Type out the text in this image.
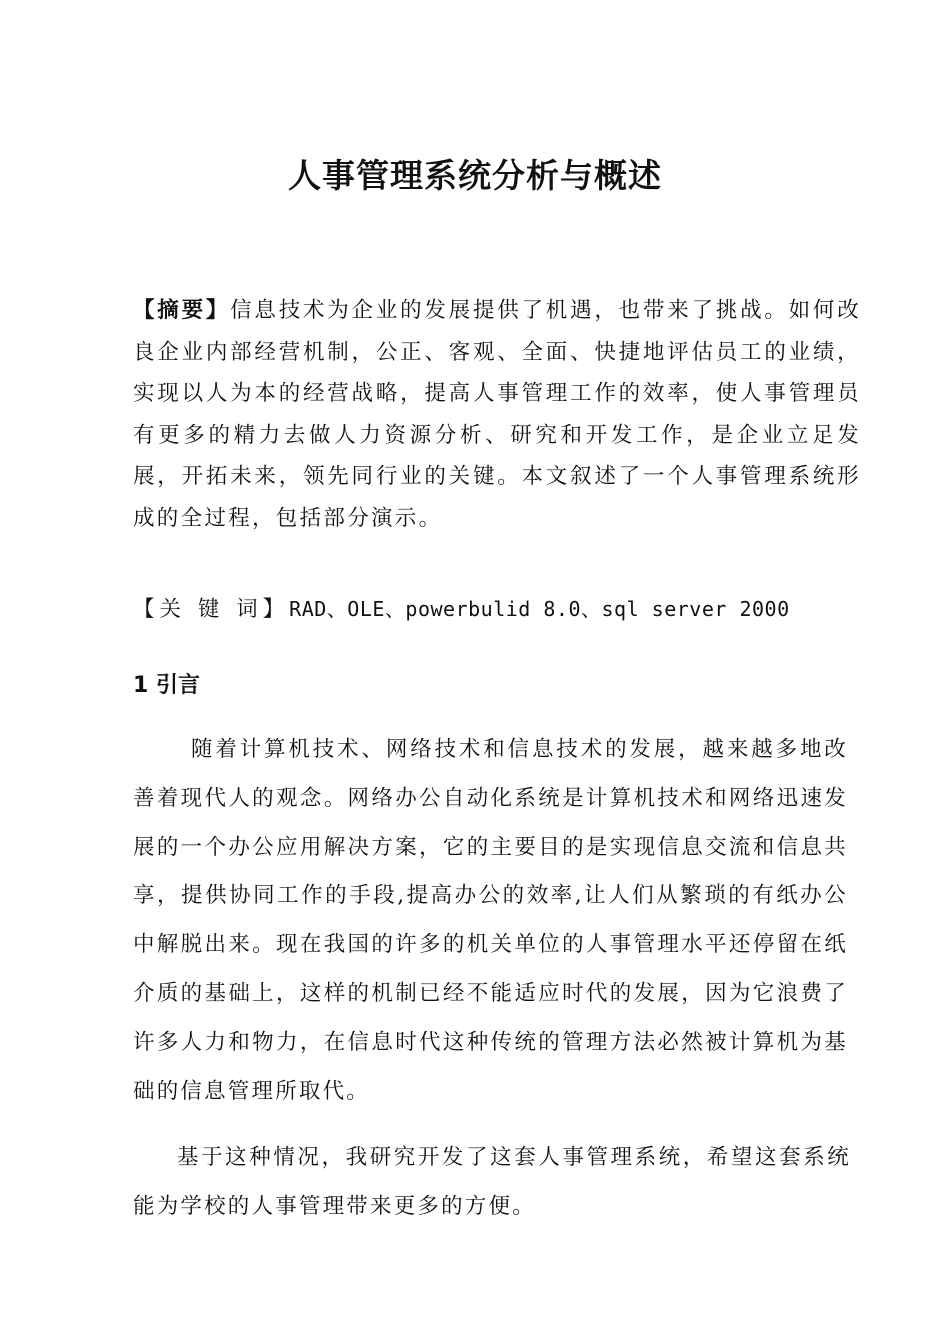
人事管理系统分析与概述

【摘要】信息技术为企业的发展提供了机遇，也带来了挑战。如何改良企业内部经营机制，公正、客观、全面、快捷地评估员工的业绩，实现以人为本的经营战略，提高人事管理工作的效率，使人事管理员有更多的精力去做人力资源分析、研究和开发工作，是企业立足发展，开拓未来，领先同行业的关键。本文叙述了一个人事管理系统形成的全过程，包括部分演示。

【关 键 词】RAD、OLE、powerbulid 8.0、sql server 2000

1 引言

随着计算机技术、网络技术和信息技术的发展，越来越多地改善着现代人的观念。网络办公自动化系统是计算机技术和网络迅速发展的一个办公应用解决方案，它的主要目的是实现信息交流和信息共享，提供协同工作的手段,提高办公的效率,让人们从繁琐的有纸办公中解脱出来。现在我国的许多的机关单位的人事管理水平还停留在纸介质的基础上，这样的机制已经不能适应时代的发展，因为它浪费了许多人力和物力，在信息时代这种传统的管理方法必然被计算机为基础的信息管理所取代。

基于这种情况，我研究开发了这套人事管理系统，希望这套系统能为学校的人事管理带来更多的方便。
